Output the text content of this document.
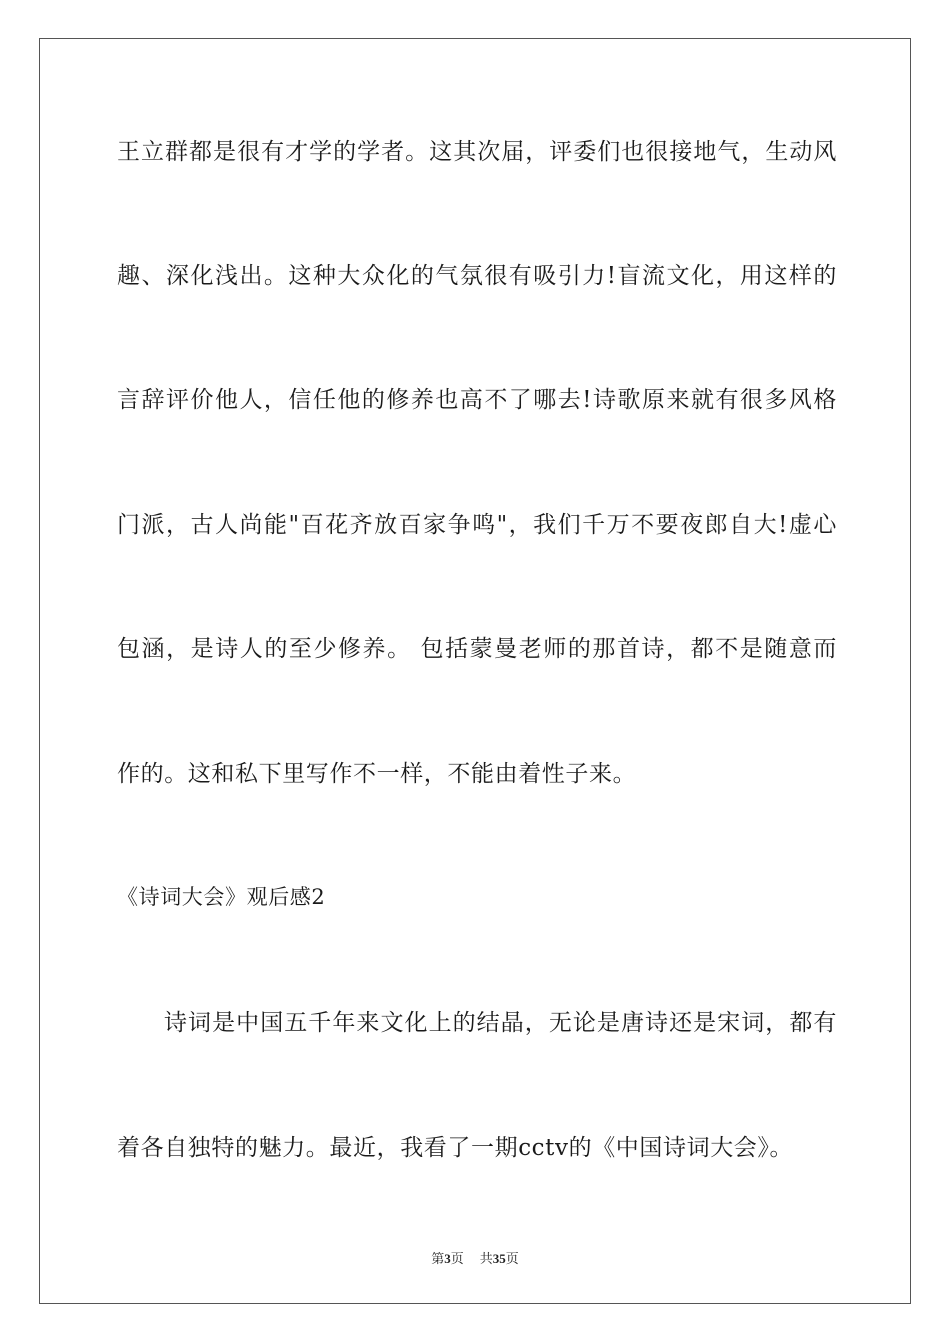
王立群都是很有才学的学者。这其次届，评委们也很接地气，生动风
趣、深化浅出。这种大众化的气氛很有吸引力!盲流文化，用这样的
言辞评价他人，信任他的修养也高不了哪去!诗歌原来就有很多风格
门派，古人尚能"百花齐放百家争鸣"，我们千万不要夜郎自大!虚心
包涵，是诗人的至少修养。 包括蒙曼老师的那首诗，都不是随意而
作的。这和私下里写作不一样，不能由着性子来。
《诗词大会》观后感2
诗词是中国五千年来文化上的结晶，无论是唐诗还是宋词，都有
着各自独特的魅力。最近，我看了一期cctv的《中国诗词大会》。
第3页 共35页
